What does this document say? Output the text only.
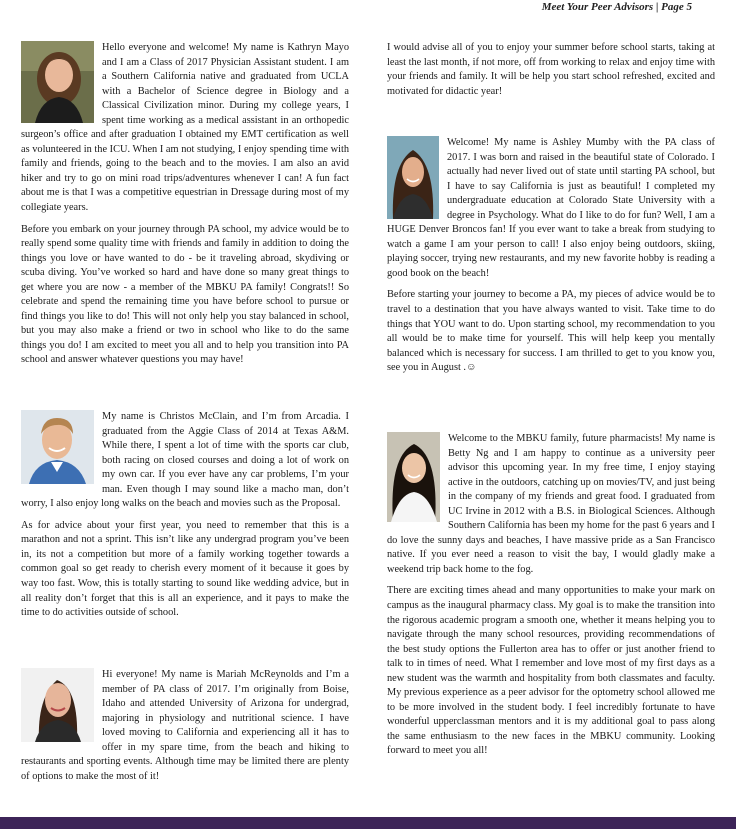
Meet Your Peer Advisors | Page 5

Hello everyone and welcome! My name is Kathryn Mayo and I am a Class of 2017 Physician Assistant student. I am a Southern California native and graduated from UCLA with a Bachelor of Science degree in Biology and a Classical Civilization minor. During my college years, I spent time working as a medical assistant in an orthopedic surgeon’s office and after graduation I obtained my EMT certification as well as volunteered in the ICU. When I am not studying, I enjoy spending time with family and friends, going to the beach and to the movies. I am also an avid hiker and try to go on mini road trips/adventures whenever I can! A fun fact about me is that I was a competitive equestrian in Dressage during most of my collegiate years.

Before you embark on your journey through PA school, my advice would be to really spend some quality time with friends and family in addition to doing the things you love or have wanted to do - be it traveling abroad, skydiving or scuba diving. You’ve worked so hard and have done so many great things to get where you are now - a member of the MBKU PA family! Congrats!! So celebrate and spend the remaining time you have before school to pursue or find things you like to do! This will not only help you stay balanced in school, but you may also make a friend or two in school who like to do the same things you do! I am excited to meet you all and to help you transition into PA school and answer whatever questions you may have!

My name is Christos McClain, and I’m from Arcadia. I graduated from the Aggie Class of 2014 at Texas A&M. While there, I spent a lot of time with the sports car club, both racing on closed courses and doing a lot of work on my own car. If you ever have any car problems, I’m your man. Even though I may sound like a macho man, don’t worry, I also enjoy long walks on the beach and movies such as the Proposal.

As for advice about your first year, you need to remember that this is a marathon and not a sprint. This isn’t like any undergrad program you’ve been in, its not a competition but more of a family working together towards a common goal so get ready to cherish every moment of it because it goes by way too fast. Wow, this is totally starting to sound like wedding advice, but in all reality don’t forget that this is all an experience, and it pays to make the time to do activities outside of school.

Hi everyone! My name is Mariah McReynolds and I’m a member of PA class of 2017. I’m originally from Boise, Idaho and attended University of Arizona for undergrad, majoring in physiology and nutritional science. I have loved moving to California and experiencing all it has to offer in my spare time, from the beach and hiking to restaurants and sporting events. Although time may be limited there are plenty of options to make the most of it!

I would advise all of you to enjoy your summer before school starts, taking at least the last month, if not more, off from working to relax and enjoy time with your friends and family. It will be help you start school refreshed, excited and motivated for didactic year!

Welcome! My name is Ashley Mumby with the PA class of 2017. I was born and raised in the beautiful state of Colorado. I actually had never lived out of state until starting PA school, but I have to say California is just as beautiful! I completed my undergraduate education at Colorado State University with a degree in Psychology. What do I like to do for fun? Well, I am a HUGE Denver Broncos fan! If you ever want to take a break from studying to watch a game I am your person to call! I also enjoy being outdoors, skiing, playing soccer, trying new restaurants, and my new favorite hobby is reading a good book on the beach!

Before starting your journey to become a PA, my pieces of advice would be to travel to a destination that you have always wanted to visit. Take time to do things that YOU want to do. Upon starting school, my recommendation to you all would be to make time for yourself. This will help keep you mentally balanced which is necessary for success. I am thrilled to get to you know you, see you in August .☺

Welcome to the MBKU family, future pharmacists! My name is Betty Ng and I am happy to continue as a university peer advisor this upcoming year. In my free time, I enjoy staying active in the outdoors, catching up on movies/TV, and just being in the company of my friends and great food. I graduated from UC Irvine in 2012 with a B.S. in Biological Sciences. Although Southern California has been my home for the past 6 years and I do love the sunny days and beaches, I have massive pride as a San Francisco native. If you ever need a reason to visit the bay, I would gladly make a weekend trip back home to the fog.

There are exciting times ahead and many opportunities to make your mark on campus as the inaugural pharmacy class. My goal is to make the transition into the rigorous academic program a smooth one, whether it means helping you to navigate through the many school resources, providing recommendations of the best study options the Fullerton area has to offer or just another friend to talk to in times of need. What I remember and love most of my first days as a new student was the warmth and hospitality from both classmates and faculty. My previous experience as a peer advisor for the optometry school allowed me to be more involved in the student body. I feel incredibly fortunate to have wonderful upperclassman mentors and it is my additional goal to pass along the same enthusiasm to the new faces in the MBKU community. Looking forward to meet you all!
